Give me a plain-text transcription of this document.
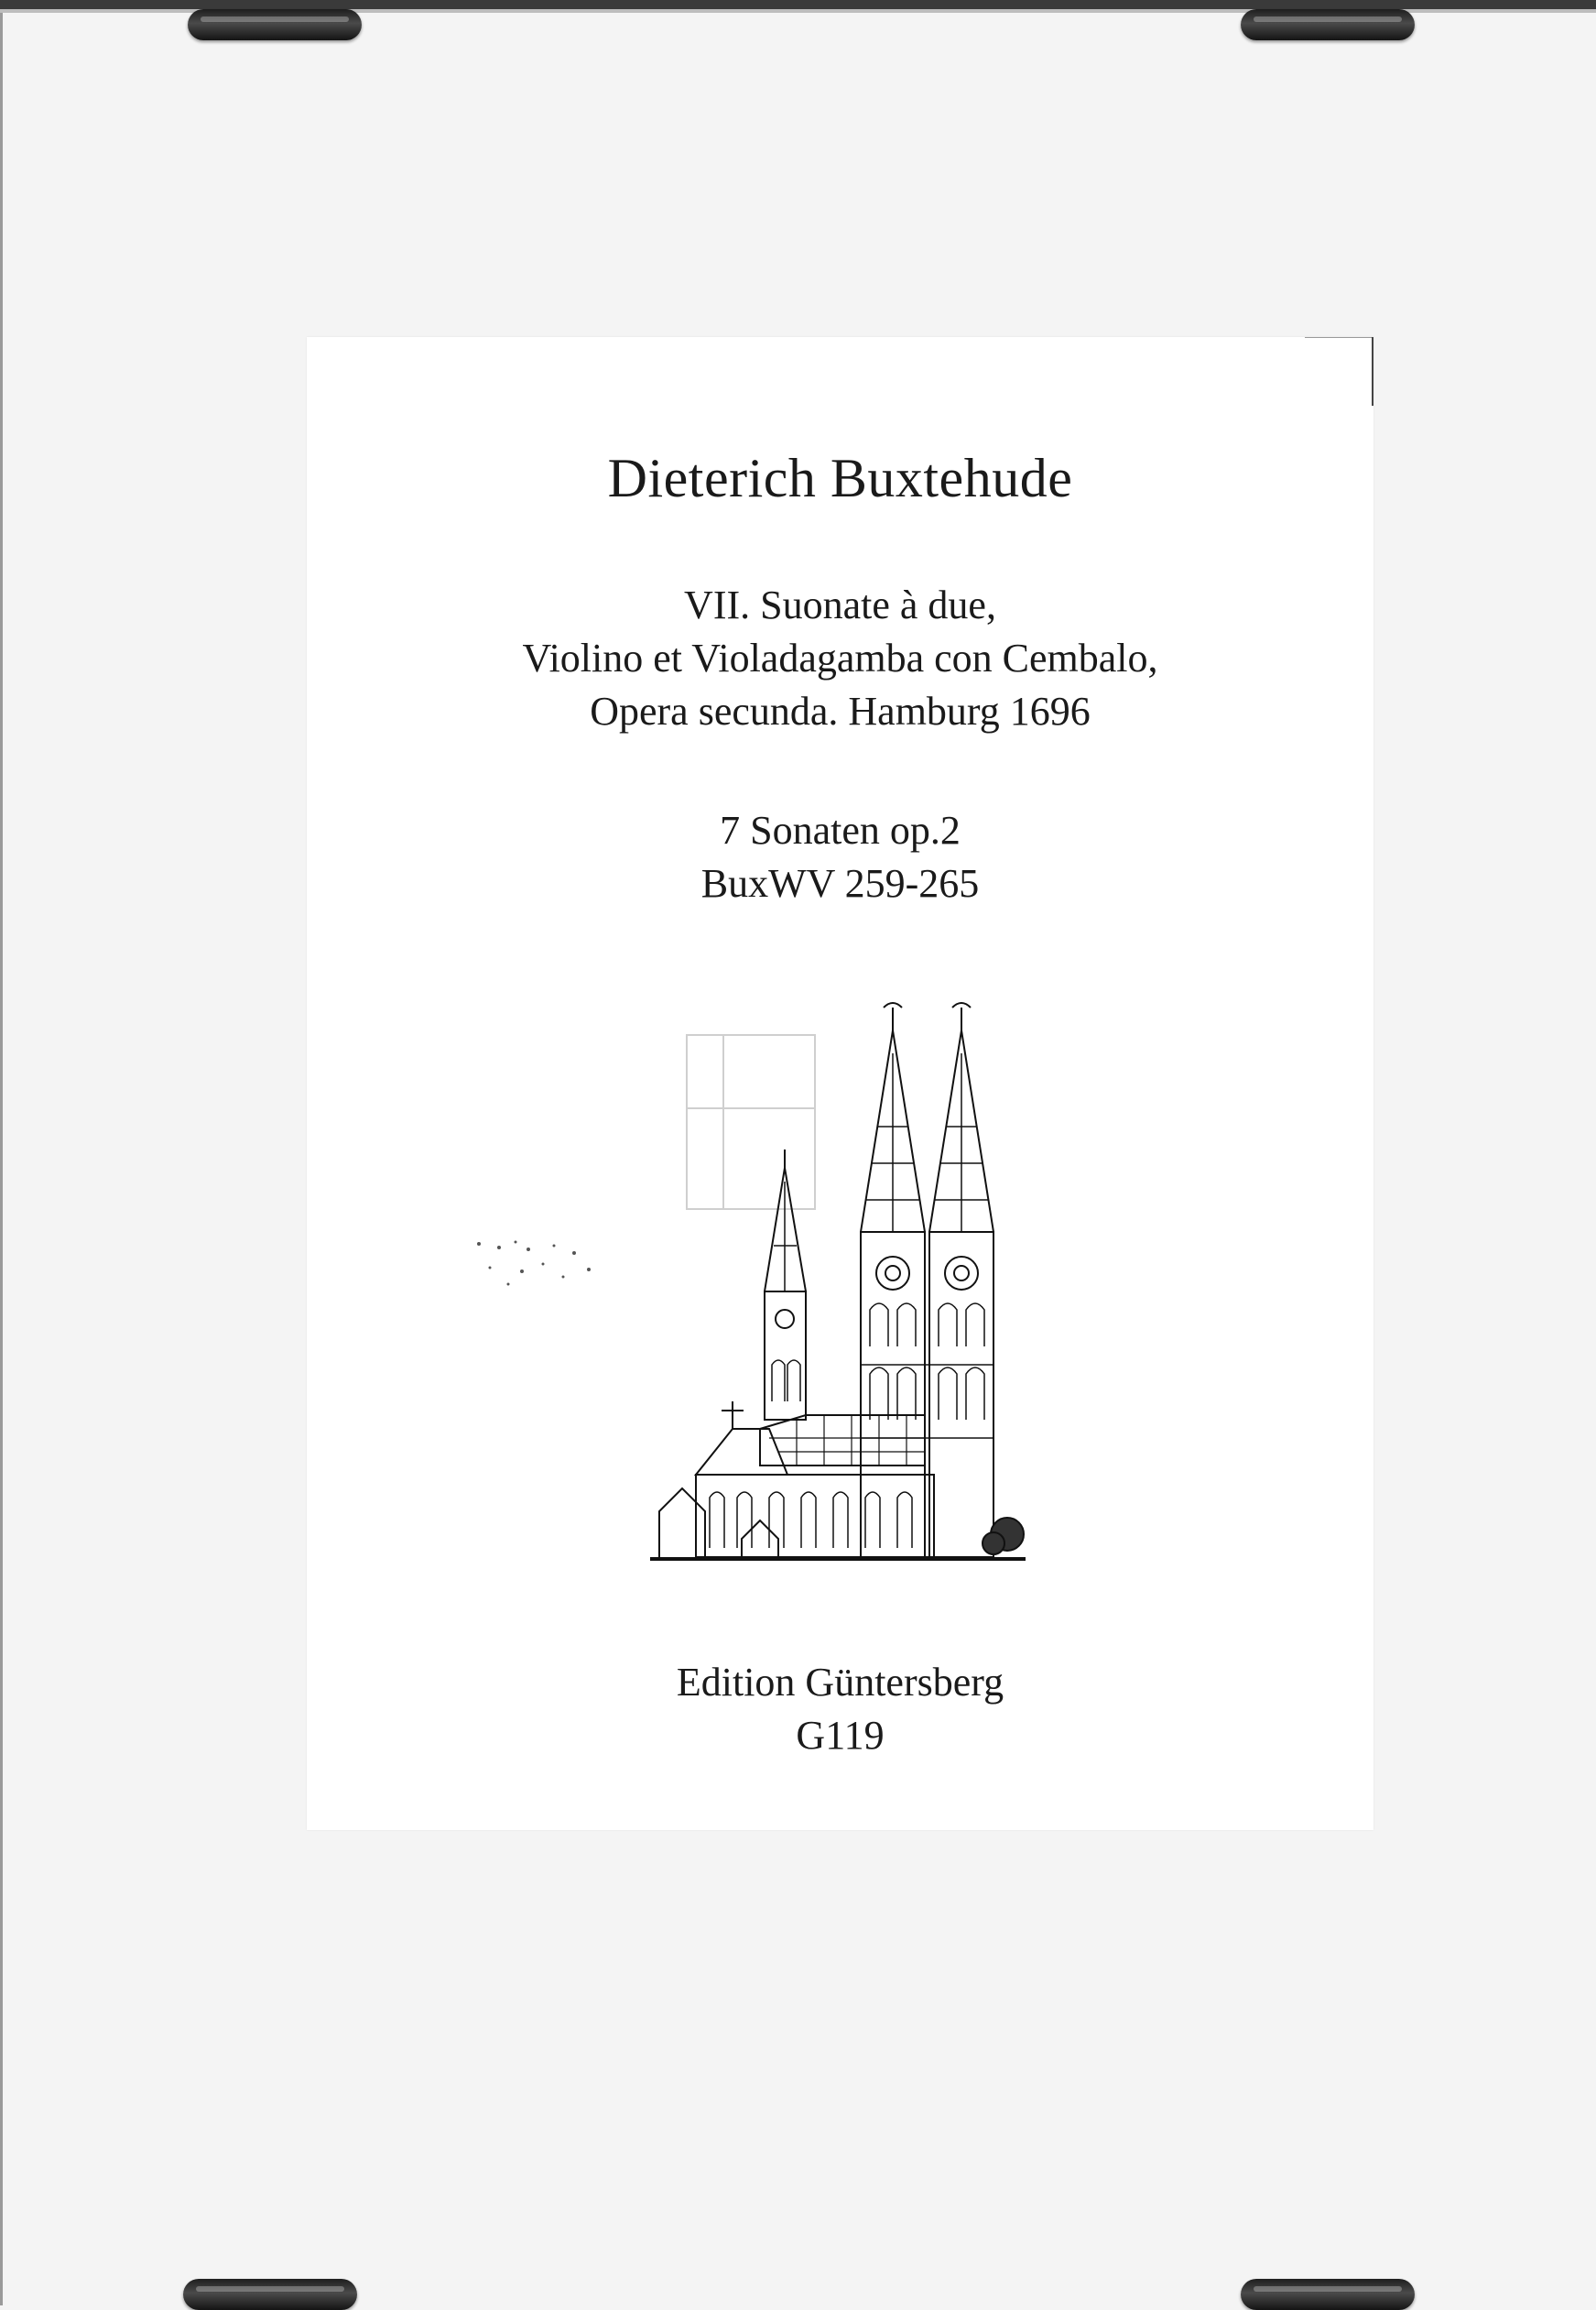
Dieterich Buxtehude
VII. Suonate à due,
Violino et Violadagamba con Cembalo,
Opera secunda. Hamburg 1696
7 Sonaten op.2
BuxWV 259-265
Edition Güntersberg
G119
